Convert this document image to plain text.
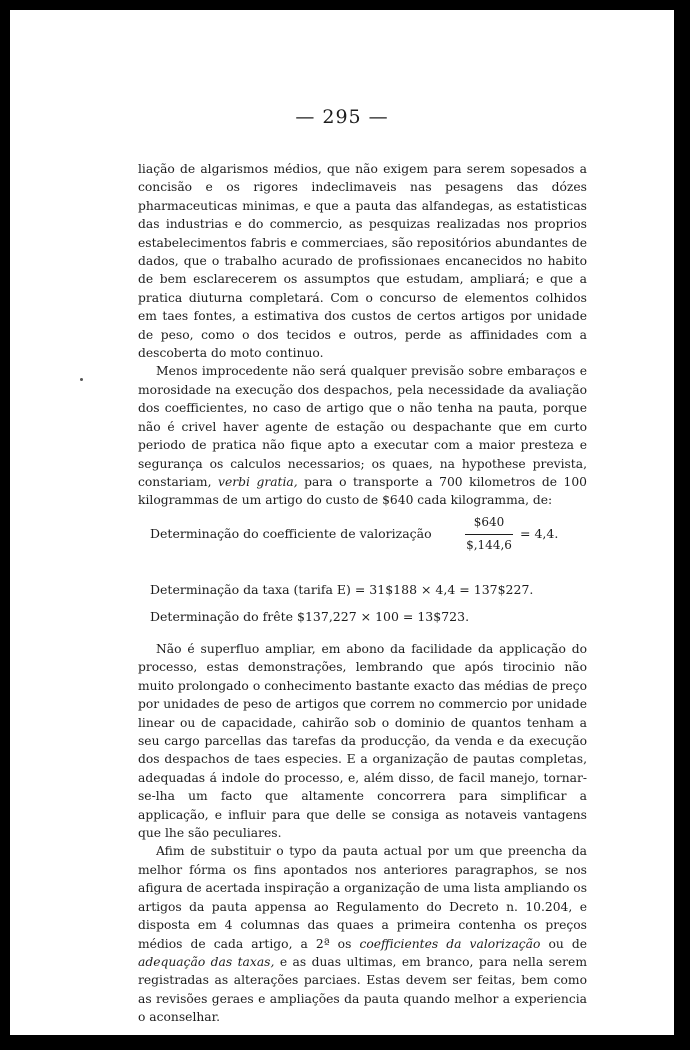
— 295 —

liação de algarismos médios, que não exigem para serem sopesados a concisão e os rigores indeclimaveis nas pesagens das dózes pharmaceuticas minimas, e que a pauta das alfandegas, as estatisticas das industrias e do commercio, as pesquizas realizadas nos proprios estabelecimentos fabris e commerciaes, são repositórios abundantes de dados, que o trabalho acurado de profissionaes encanecidos no habito de bem esclarecerem os assumptos que estudam, ampliará; e que a pratica diuturna completará. Com o concurso de elementos colhidos em taes fontes, a estimativa dos custos de certos artigos por unidade de peso, como o dos tecidos e outros, perde as affinidades com a descoberta do moto continuo.

Menos improcedente não será qualquer previsão sobre embaraços e morosidade na execução dos despachos, pela necessidade da avaliação dos coefficientes, no caso de artigo que o não tenha na pauta, porque não é crivel haver agente de estação ou despachante que em curto periodo de pratica não fique apto a executar com a maior presteza e segurança os calculos necessarios; os quaes, na hypothese prevista, constariam, verbi gratia, para o transporte a 700 kilometros de 100 kilogrammas de um artigo do custo de $640 cada kilogramma, de:

Determinação do coefficiente de valorização
$640
$,144,6
= 4,4.
Determinação da taxa (tarifa E) = 31$188 × 4,4 = 137$227.
Determinação do frête $137,227 × 100 = 13$723.

Não é superfluo ampliar, em abono da facilidade da applicação do processo, estas demonstrações, lembrando que após tirocinio não muito prolongado o conhecimento bastante exacto das médias de preço por unidades de peso de artigos que correm no commercio por unidade linear ou de capacidade, cahirão sob o dominio de quantos tenham a seu cargo parcellas das tarefas da producção, da venda e da execução dos despachos de taes especies. E a organização de pautas completas, adequadas á indole do processo, e, além disso, de facil manejo, tornar-se-lha um facto que altamente concorrera para simplificar a applicação, e influir para que delle se consiga as notaveis vantagens que lhe são peculiares.

Afim de substituir o typo da pauta actual por um que preencha da melhor fórma os fins apontados nos anteriores paragraphos, se nos afigura de acertada inspiração a organização de uma lista ampliando os artigos da pauta appensa ao Regulamento do Decreto n. 10.204, e disposta em 4 columnas das quaes a primeira contenha os preços médios de cada artigo, a 2ª os coefficientes da valorização ou de adequação das taxas, e as duas ultimas, em branco, para nella serem registradas as alterações parciaes. Estas devem ser feitas, bem como as revisões geraes e ampliações da pauta quando melhor a experiencia o aconselhar.
